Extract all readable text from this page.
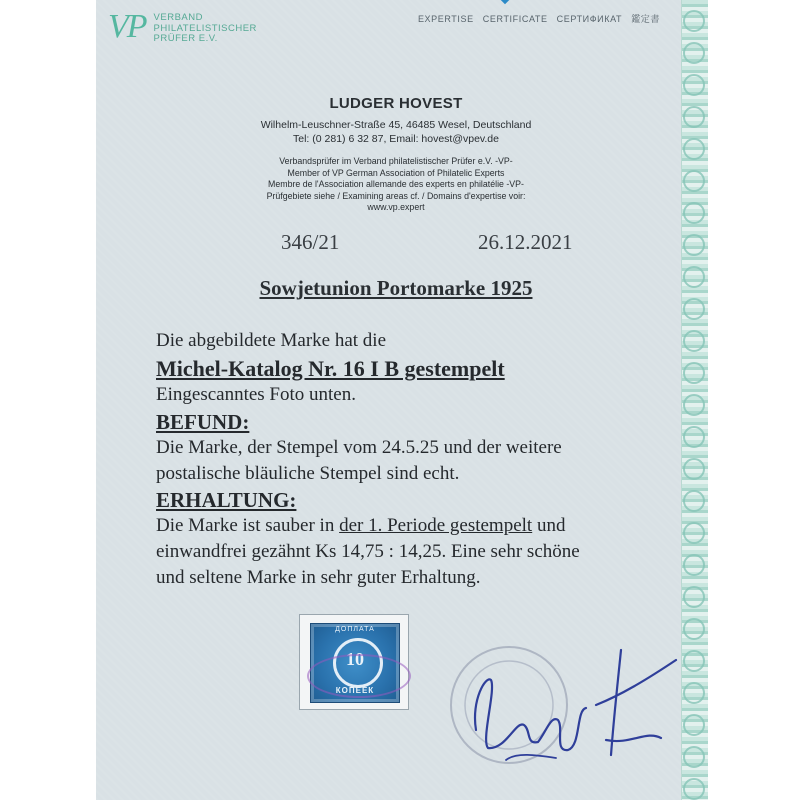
VP VERBAND
PHILATELISTISCHER
PRÜFER E.V.
EXPERTISE CERTIFICATE СЕРТИФИКАТ 鑑定書
LUDGER HOVEST
Wilhelm-Leuschner-Straße 45, 46485 Wesel, Deutschland
Tel: (0 281) 6 32 87, Email: hovest@vpev.de
Verbandsprüfer im Verband philatelistischer Prüfer e.V. -VP-
Member of VP German Association of Philatelic Experts
Membre de l'Association allemande des experts en philatélie -VP-
Prüfgebiete siehe / Examining areas cf. / Domains d'expertise voir:
www.vp.expert
346/21	26.12.2021
Sowjetunion Portomarke 1925
Die abgebildete Marke hat die
Michel-Katalog Nr. 16 I B gestempelt
Eingescanntes Foto unten.
BEFUND:
Die Marke, der Stempel vom 24.5.25 und der weitere
postalische bläuliche Stempel sind echt.
ERHALTUNG:
Die Marke ist sauber in der 1. Periode gestempelt und
einwandfrei gezähnt Ks 14,75 : 14,25. Eine sehr schöne
und seltene Marke in sehr guter Erhaltung.
ДОПЛАТА
10
КОПЕЕК
